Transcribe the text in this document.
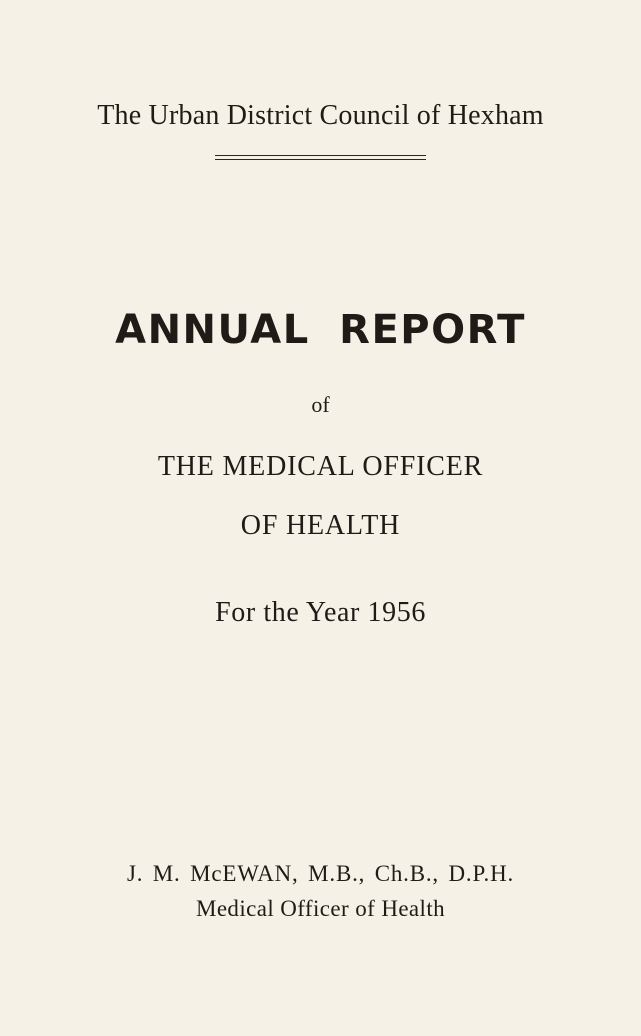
The Urban District Council of Hexham
ANNUAL REPORT
of
THE MEDICAL OFFICER
OF HEALTH
For the Year 1956
J. M. McEWAN, M.B., Ch.B., D.P.H.
Medical Officer of Health
